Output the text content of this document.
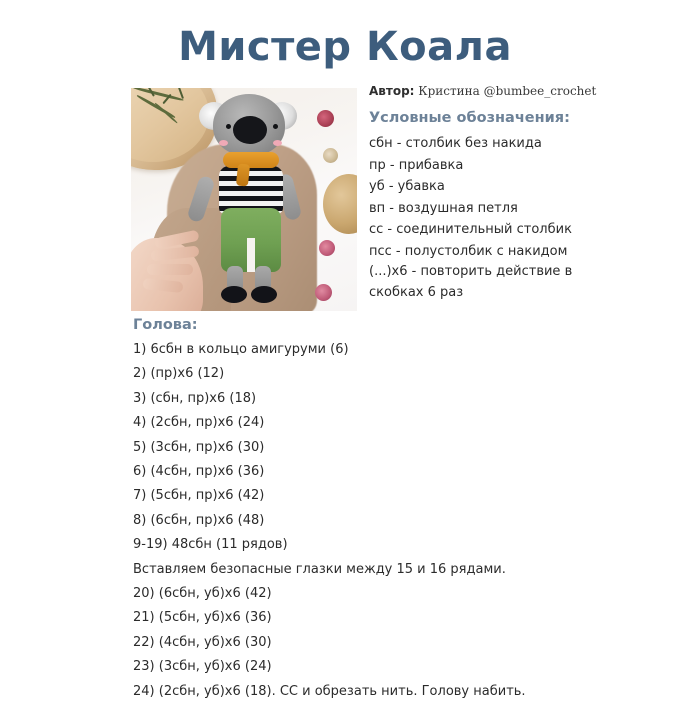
Мистер Коала
Автор: Кристина @bumbee_crochet
Условные обозначения:
сбн - столбик без накида
пр - прибавка
уб - убавка
вп - воздушная петля
сс - соединительный столбик
псс - полустолбик с накидом
(...)х6 - повторить действие в скобках 6 раз
Голова:
1) 6сбн в кольцо амигуруми (6)
2) (пр)х6 (12)
3) (сбн, пр)х6 (18)
4) (2сбн, пр)х6 (24)
5) (3сбн, пр)х6 (30)
6) (4сбн, пр)х6 (36)
7) (5сбн, пр)х6 (42)
8) (6сбн, пр)х6 (48)
9-19) 48сбн (11 рядов)
Вставляем безопасные глазки между 15 и 16 рядами.
20) (6сбн, уб)х6 (42)
21) (5сбн, уб)х6 (36)
22) (4сбн, уб)х6 (30)
23) (3сбн, уб)х6 (24)
24) (2сбн, уб)х6 (18). СС и обрезать нить. Голову набить.
